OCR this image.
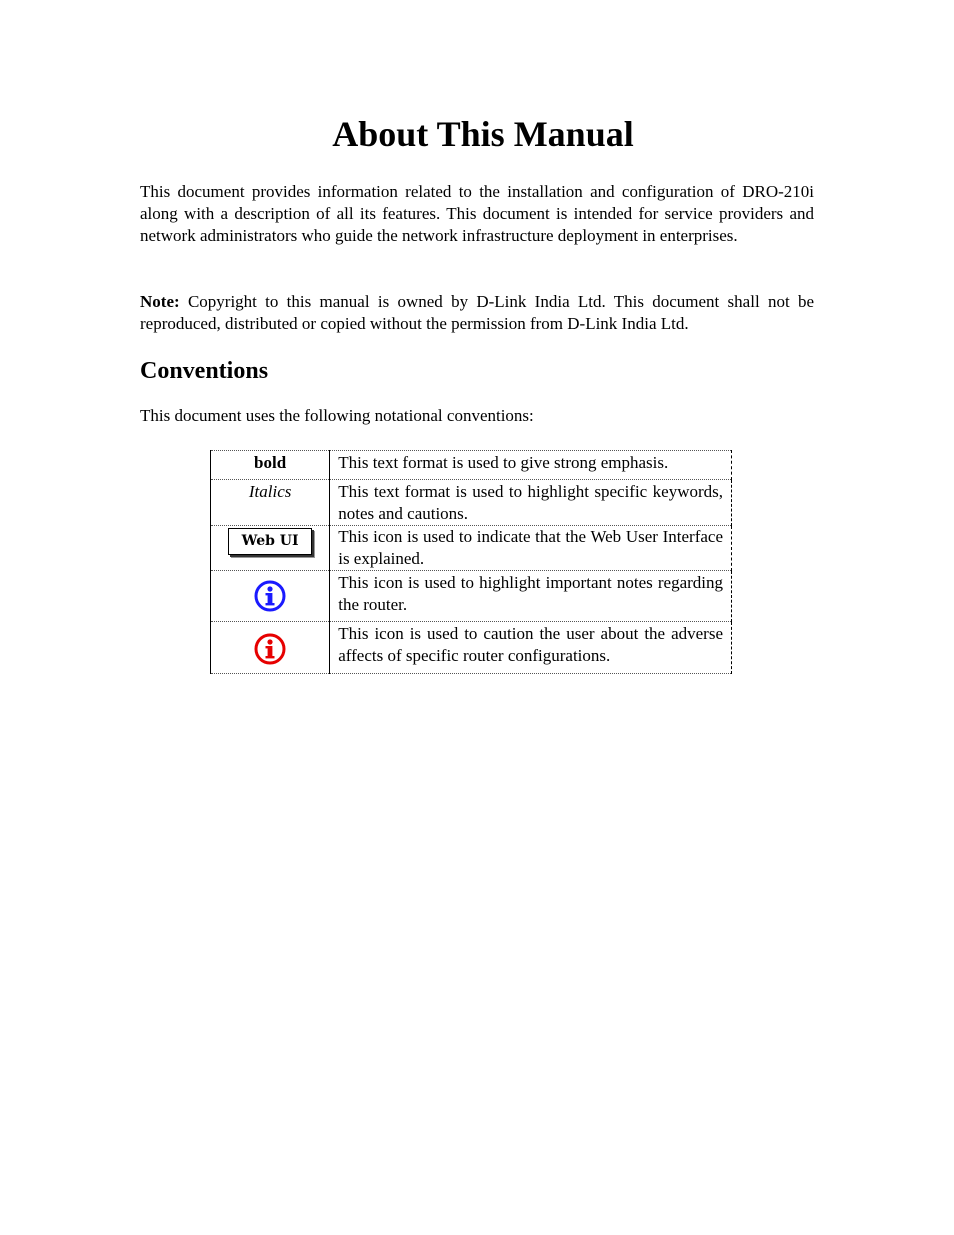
About This Manual

This document provides information related to the installation and configuration of DRO-210i along with a description of all its features. This document is intended for service providers and network administrators who guide the network infrastructure deployment in enterprises.

Note: Copyright to this manual is owned by D-Link India Ltd. This document shall not be reproduced, distributed or copied without the permission from D-Link India Ltd.

Conventions

This document uses the following notational conventions:

bold	This text format is used to give strong emphasis.
Italics	This text format is used to highlight specific keywords, notes and cautions.
Web UI	This icon is used to indicate that the Web User Interface is explained.
	This icon is used to highlight important notes regarding the router.
	This icon is used to caution the user about the adverse affects of specific router configurations.
